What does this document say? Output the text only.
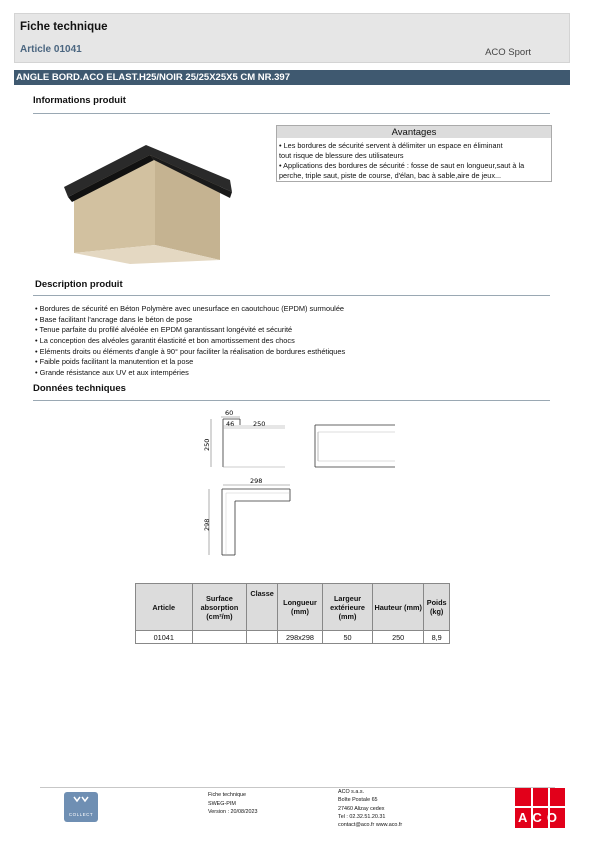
Fiche technique
Article 01041	ACO Sport
ANGLE BORD.ACO ELAST.H25/NOIR 25/25X25X5 CM NR.397
Informations produit
Avantages
• Les bordures de sécurité servent à délimiter un espace en éliminant
tout risque de blessure des utilisateurs
• Applications des bordures de sécurité : fosse de saut en longueur,saut à la
perche, triple saut, piste de course, d'élan, bac à sable,aire de jeux...
Description produit
• Bordures de sécurité en Béton Polymère avec unesurface en caoutchouc (EPDM) surmoulée
• Base facilitant l'ancrage dans le béton de pose
• Tenue parfaite du profilé alvéolée en EPDM garantissant longévité et sécurité
• La conception des alvéoles garantit élasticité et bon amortissement des chocs
• Eléments droits ou éléments d'angle à 90° pour faciliter la réalisation de bordures esthétiques
• Faible poids facilitant la manutention et la pose
• Grande résistance aux UV et aux intempéries
Données techniques
60
250
46	250
298
298
Article	Surface absorption (cm²/m)	Classe	Longueur (mm)	Largeur extérieure (mm)	Hauteur (mm)	Poids (kg)
01041			298x298	50	250	8,9
COLLECT
Fiche technique
SWEG-PIM
Version : 20/08/2023
ACO s.a.s.
Boîte Postale 65
27460 Alizay cedex
Tel : 02.32.51.20.31
contact@aco.fr www.aco.fr
ACO
